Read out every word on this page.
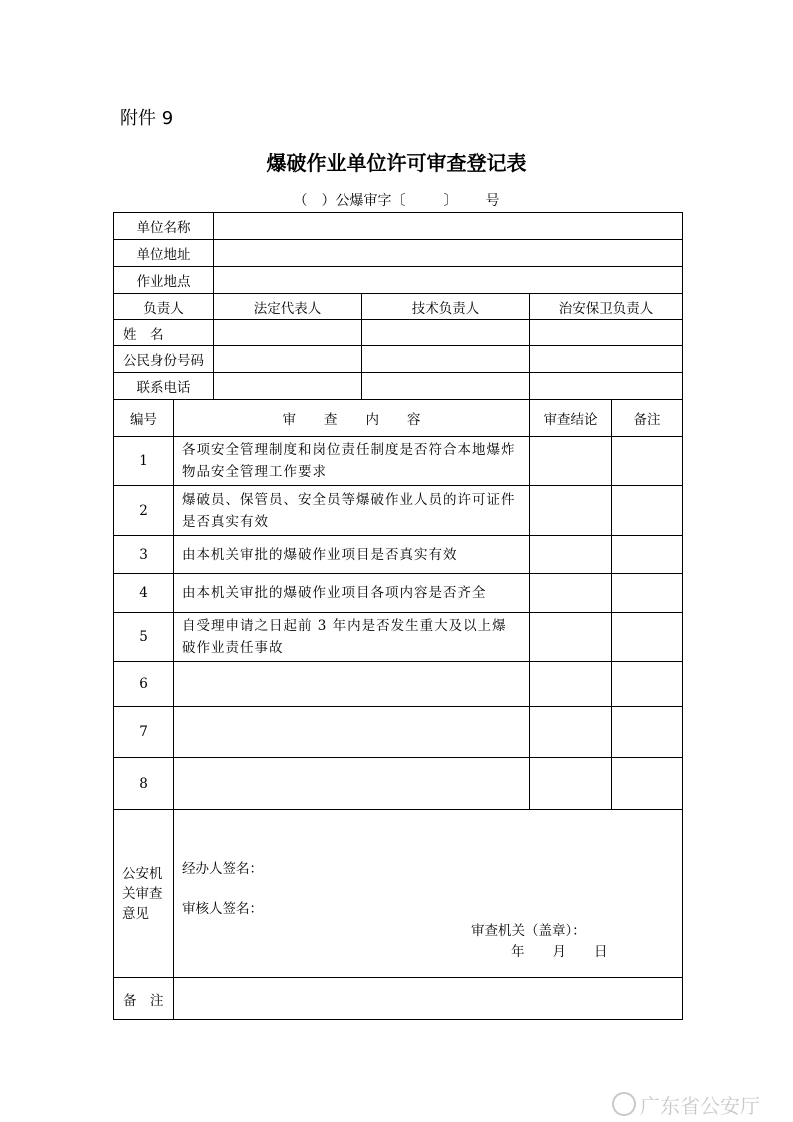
附件 9
爆破作业单位许可审查登记表
（　）公爆审字〔	〕 号
单位名称					
单位地址					
作业地点					
负责人		法定代表人	技术负责人	治安保卫负责人	
姓　名					
公民身份号码					
联系电话					
编号	审 查 内 容			审查结论	备注
1	各项安全管理制度和岗位责任制度是否符合本地爆炸物品安全管理工作要求				
2	爆破员、保管员、安全员等爆破作业人员的许可证件是否真实有效				
3	由本机关审批的爆破作业项目是否真实有效				
4	由本机关审批的爆破作业项目各项内容是否齐全				
5	自受理申请之日起前 3 年内是否发生重大及以上爆破作业责任事故				
6					
7					
8					
公安机关审查意见	经办人签名：
审核人签名：
审查机关（盖章）：
年 月 日				

备　注					
广东省公安厅
